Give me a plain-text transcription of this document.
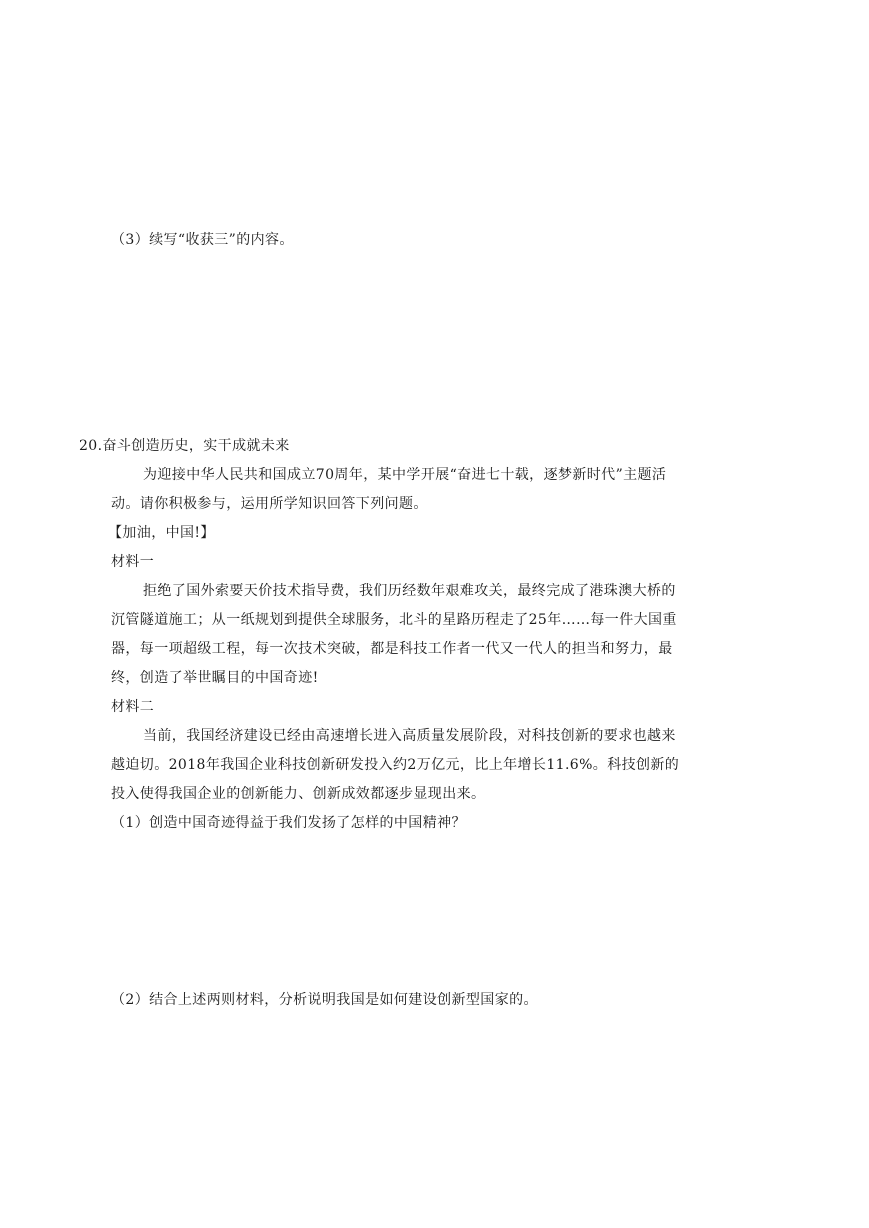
（3）续写“收获三”的内容。
20.奋斗创造历史，实干成就未来
为迎接中华人民共和国成立70周年，某中学开展“奋进七十载，逐梦新时代”主题活
动。请你积极参与，运用所学知识回答下列问题。
【加油，中国!】
材料一
拒绝了国外索要天价技术指导费，我们历经数年艰难攻关，最终完成了港珠澳大桥的
沉管隧道施工；从一纸规划到提供全球服务，北斗的星路历程走了25年……每一件大国重
器，每一项超级工程，每一次技术突破，都是科技工作者一代又一代人的担当和努力，最
终，创造了举世瞩目的中国奇迹!
材料二
当前，我国经济建设已经由高速增长进入高质量发展阶段，对科技创新的要求也越来
越迫切。2018年我国企业科技创新研发投入约2万亿元，比上年增长11.6%。科技创新的
投入使得我国企业的创新能力、创新成效都逐步显现出来。
（1）创造中国奇迹得益于我们发扬了怎样的中国精神？
（2）结合上述两则材料，分析说明我国是如何建设创新型国家的。
